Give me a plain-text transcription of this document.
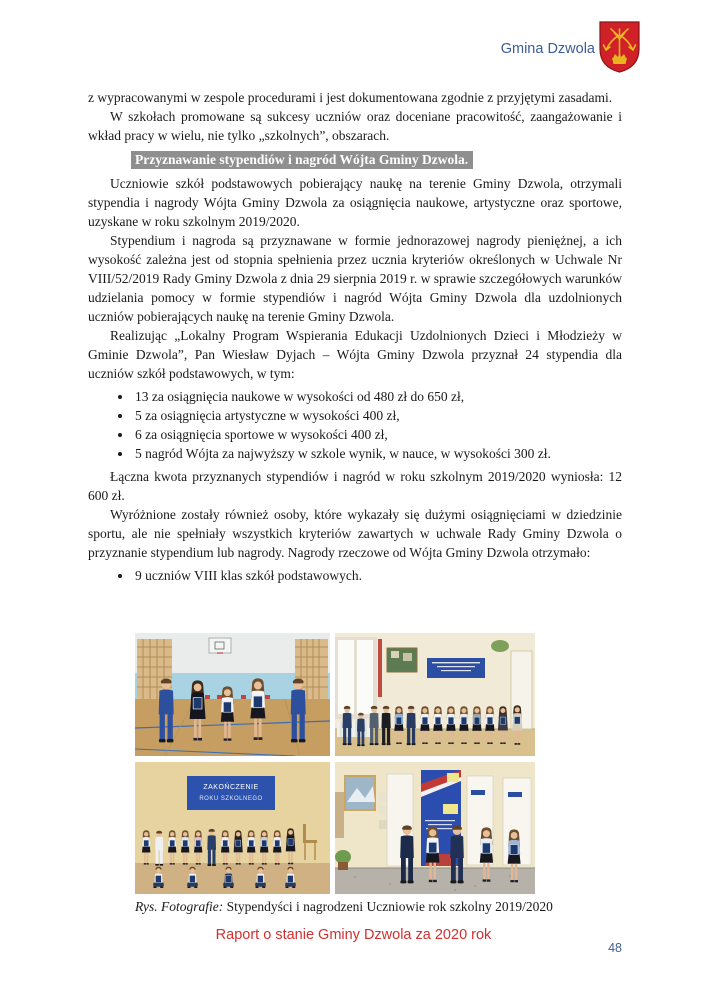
Gmina Dzwola

z wypracowanymi w zespole procedurami i jest dokumentowana zgodnie z przyjętymi zasadami.

W szkołach promowane są sukcesy uczniów oraz doceniane pracowitość, zaangażowanie i wkład pracy w wielu, nie tylko „szkolnych”, obszarach.

Przyznawanie stypendiów i nagród Wójta Gminy Dzwola.

Uczniowie szkół podstawowych pobierający naukę na terenie Gminy Dzwola, otrzymali stypendia i nagrody Wójta Gminy Dzwola za osiągnięcia naukowe, artystyczne oraz sportowe, uzyskane w roku szkolnym 2019/2020.

Stypendium i nagroda są przyznawane w formie jednorazowej nagrody pieniężnej, a ich wysokość zależna jest od stopnia spełnienia przez ucznia kryteriów określonych w Uchwale Nr VIII/52/2019 Rady Gminy Dzwola z dnia 29 sierpnia 2019 r. w sprawie szczegółowych warunków udzielania pomocy w formie stypendiów i nagród Wójta Gminy Dzwola dla uzdolnionych uczniów pobierających naukę na terenie Gminy Dzwola.

Realizując „Lokalny Program Wspierania Edukacji Uzdolnionych Dzieci i Młodzieży w Gminie Dzwola”, Pan Wiesław Dyjach – Wójta Gminy Dzwola przyznał 24 stypendia dla uczniów szkół podstawowych, w tym:

• 13 za osiągnięcia naukowe w wysokości od 480 zł do 650 zł,
• 5 za osiągnięcia artystyczne w wysokości 400 zł,
• 6 za osiągnięcia sportowe w wysokości 400 zł,
• 5 nagród Wójta za najwyższy w szkole wynik, w nauce, w wysokości 300 zł.

Łączna kwota przyznanych stypendiów i nagród w roku szkolnym 2019/2020 wyniosła: 12 600 zł.

Wyróżnione zostały również osoby, które wykazały się dużymi osiągnięciami w dziedzinie sportu, ale nie spełniały wszystkich kryteriów zawartych w uchwale Rady Gminy Dzwola o przyznanie stypendium lub nagrody. Nagrody rzeczowe od Wójta Gminy Dzwola otrzymało:

• 9 uczniów VIII klas szkół podstawowych.
ZAKOŃCZENIE
ROKU SZKOLNEGO
Rys. Fotografie: Stypendyści i nagrodzeni Uczniowie rok szkolny 2019/2020
Raport o stanie Gminy Dzwola za 2020 rok
48
